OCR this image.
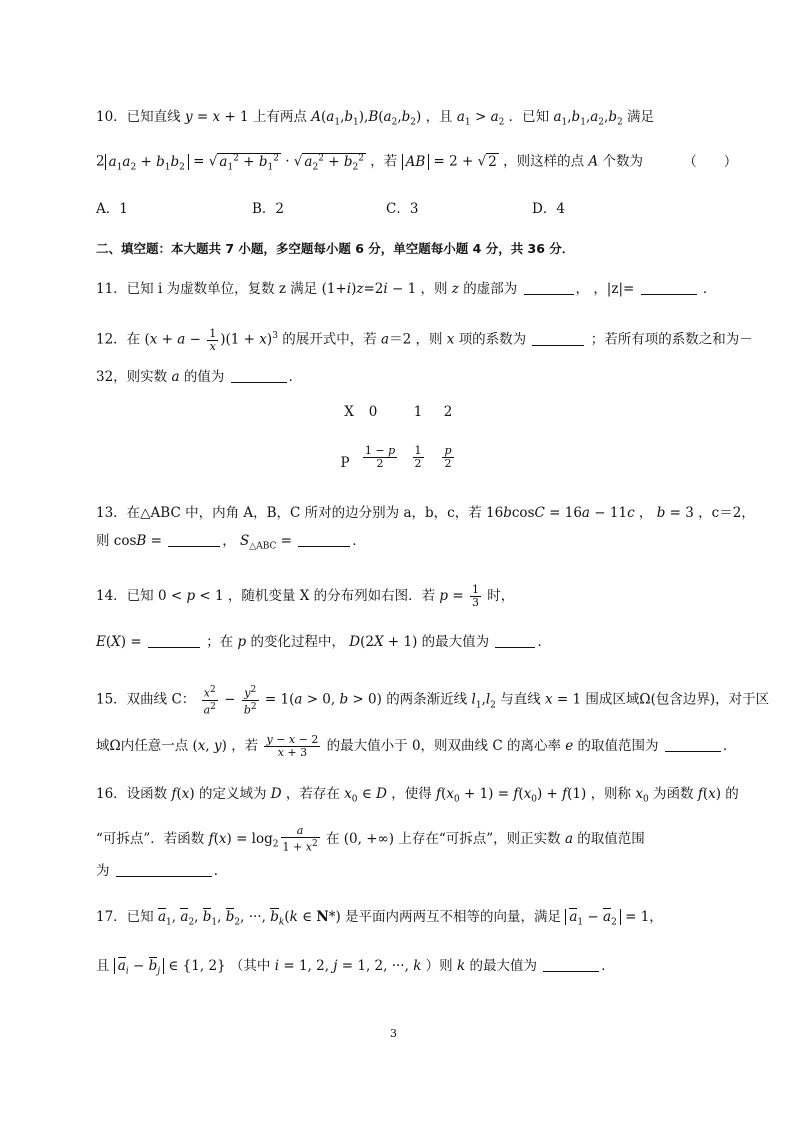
10．已知直线 y = x + 1 上有两点 $A(a_1,b_1),B(a_2,b_2)$ ，且 $a_1 > a_2$ ．已知 $a_1,b_1,a_2,b_2$ 满足
2 $a_1a_2 + b_1b_2$ = √ $a_1^2 + b_1^2$ · √ $a_2^2 + b_2^2$ ，若 AB = 2 + √ 2 ，则这样的点 A 个数为	（　　）
A．1	B．2	C．3	D．4
二、填空题：本大题共 7 小题，多空题每小题 6 分，单空题每小题 4 分，共 36 分．
11．已知 i 为虚数单位，复数 z 满足 (1+i)z=2i − 1 ，则 z 的虚部为	， ，|z|=	．
12．在 $(x + a - \frac{1}{x} )(1 + x)^3$ 的展开式中，若 a＝2 ，则 x 项的系数为	；若所有项的系数之和为－
32，则实数 a 的值为	．
X 0	1 2
P $\frac{1 - p}{2} \frac{1}{2} \frac{p}{2}$
13．在△ABC 中，内角 A，B，C 所对的边分别为 a，b，c，若 16bcosC = 16a − 11c ， b = 3 ，c＝2，
则 cosB =	， $S_{\triangle ABC}$ =	．
14．已知 0 < p < 1 ，随机变量 X 的分布列如右图．若 $p = \frac{1}{3}$ 时，
E(X) =	；在 p 的变化过程中， D(2X + 1) 的最大值为	．
15．双曲线 C： $\frac{x^2}{a^2} - \frac{y^2}{b^2} = 1(a > 0$, b > 0) 的两条渐近线 $l_1,l_2$ 与直线 x = 1 围成区域Ω(包含边界)，对于区
域Ω内任意一点 (x, y) ，若 $\frac{y - x - 2}{x + 3}$ 的最大值小于 0，则双曲线 C 的离心率 e 的取值范围为	．
16．设函数 f(x) 的定义域为 D ，若存在 $x_0$ ∈ D ，使得 $f(x_0 + 1) = f(x_0) + f(1)$ ，则称 $x_0$ 为函数 f(x) 的
“可拆点”．若函数 $f(x) = \log_2 \frac{a}{1 + x^2}$ 在 (0, +∞) 上存在“可拆点”，则正实数 a 的取值范围
为	．
17．已知 $a_1$, $a_2$, $b_1$, $b_2$, ···, $b_k(k$ ∈ N*) 是平面内两两互不相等的向量，满足 $a_1 - a_2 = 1$，
且 $a_i - b_j$ ∈ {1, 2} （其中 i = 1, 2, j = 1, 2, ···, k ）则 k 的最大值为	．
3
